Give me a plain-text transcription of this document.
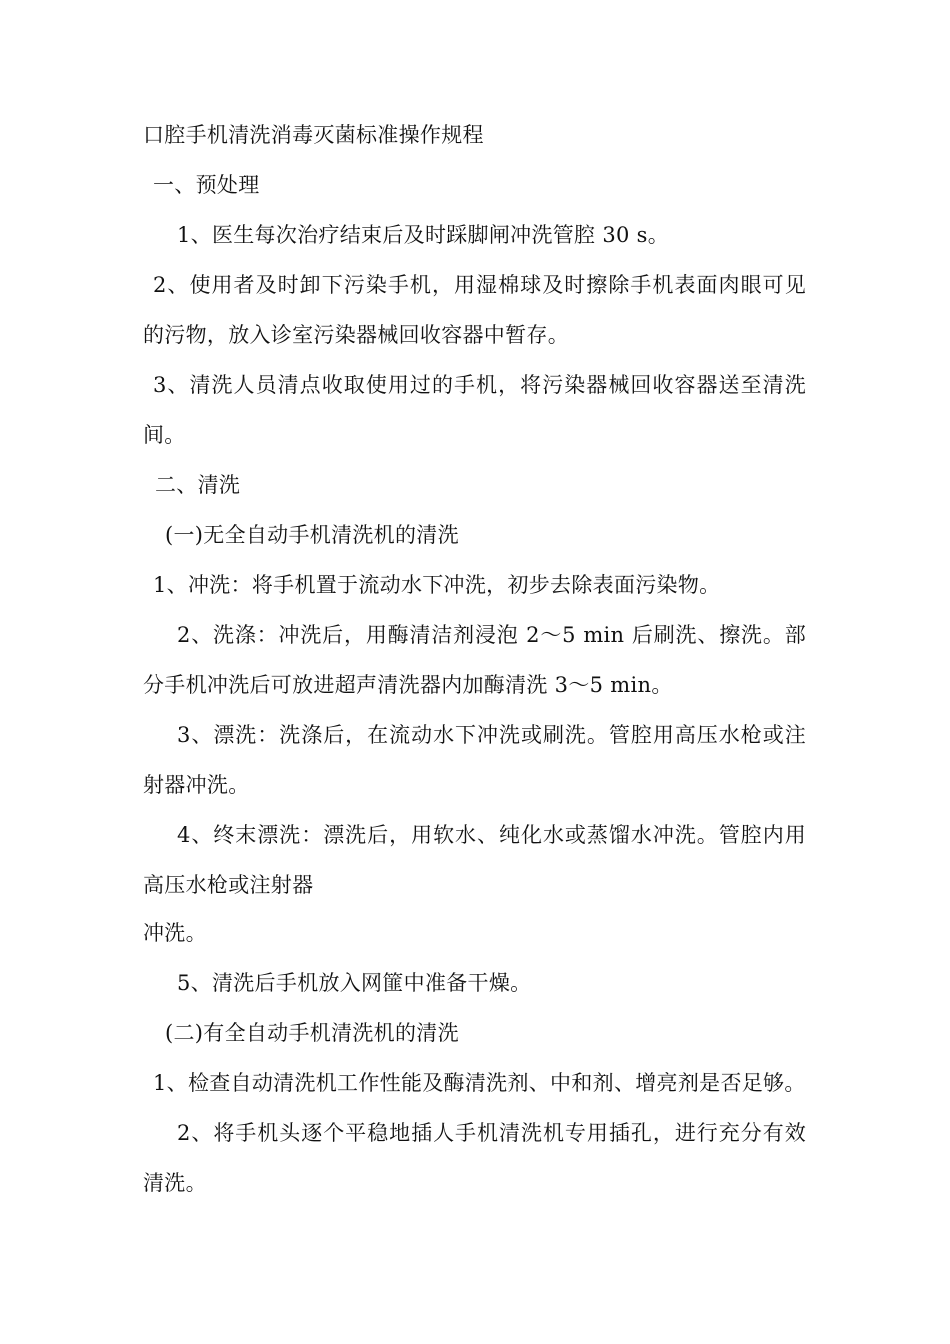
口腔手机清洗消毒灭菌标准操作规程
一、预处理
1、医生每次治疗结束后及时踩脚闸冲洗管腔 30 s。
2、使用者及时卸下污染手机，用湿棉球及时擦除手机表面肉眼可见
的污物，放入诊室污染器械回收容器中暂存。
3、清洗人员清点收取使用过的手机，将污染器械回收容器送至清洗
间。
二、清洗
(一)无全自动手机清洗机的清洗
1、冲洗：将手机置于流动水下冲洗，初步去除表面污染物。
2、洗涤：冲洗后，用酶清洁剂浸泡 2～5 min 后刷洗、擦洗。部
分手机冲洗后可放进超声清洗器内加酶清洗 3～5 min。
3、漂洗：洗涤后，在流动水下冲洗或刷洗。管腔用高压水枪或注
射器冲洗。
4、终末漂洗：漂洗后，用软水、纯化水或蒸馏水冲洗。管腔内用
高压水枪或注射器
冲洗。
5、清洗后手机放入网篚中准备干燥。
(二)有全自动手机清洗机的清洗
1、检查自动清洗机工作性能及酶清洗剂、中和剂、增亮剂是否足够。
2、将手机头逐个平稳地插人手机清洗机专用插孔，进行充分有效
清洗。
